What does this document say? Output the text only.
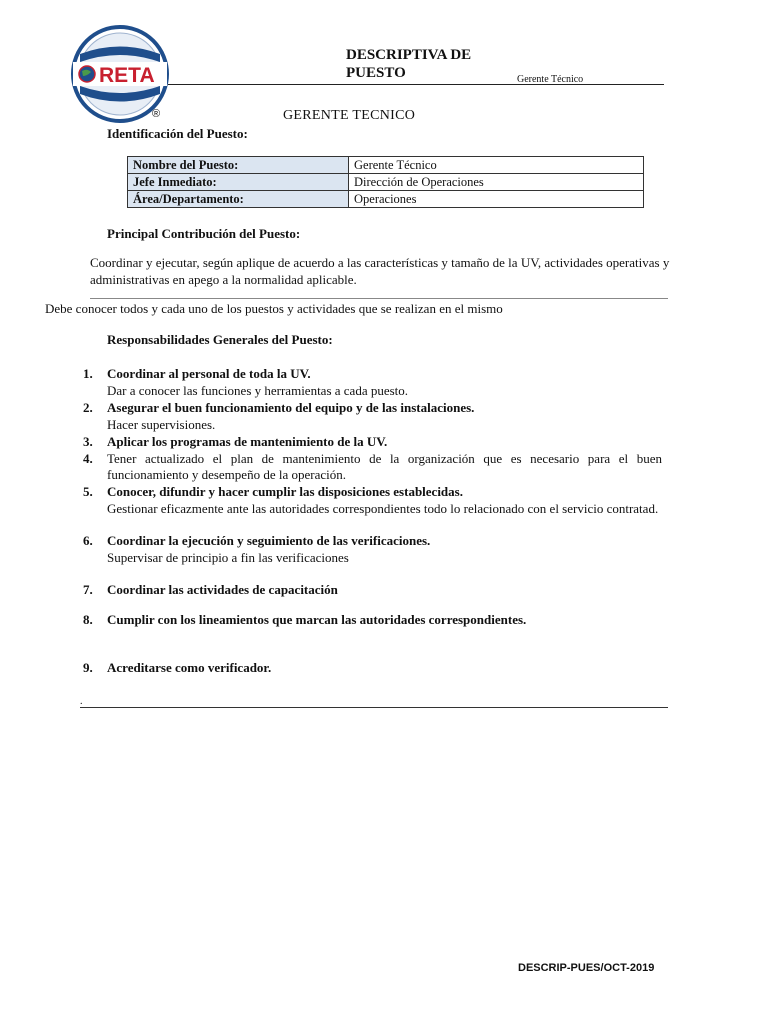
RETA
®
DESCRIPTIVA DE PUESTO	Gerente Técnico
GERENTE TECNICO
Identificación del Puesto:
Nombre del Puesto:	Gerente Técnico
Jefe Inmediato:	Dirección de Operaciones
Área/Departamento:	Operaciones
Principal Contribución del Puesto:
Coordinar y ejecutar, según aplique de acuerdo a las características y tamaño de la UV, actividades operativas y administrativas en apego a la normalidad aplicable.
Debe conocer todos y cada uno de los puestos y actividades que se realizan en el mismo
Responsabilidades Generales del Puesto:
1. Coordinar al personal de toda la UV.
Dar a conocer las funciones y herramientas a cada puesto.
2. Asegurar el buen funcionamiento del equipo y de las instalaciones.
Hacer supervisiones.
3. Aplicar los programas de mantenimiento de la UV.
4. Tener actualizado el plan de mantenimiento de la organización que es necesario para el buen funcionamiento y desempeño de la operación.
5. Conocer, difundir y hacer cumplir las disposiciones establecidas.
Gestionar eficazmente ante las autoridades correspondientes todo lo relacionado con el servicio contratad.
6. Coordinar la ejecución y seguimiento de las verificaciones.
Supervisar de principio a fin las verificaciones
7. Coordinar las actividades de capacitación
8. Cumplir con los lineamientos que marcan las autoridades correspondientes.
9. Acreditarse como verificador.
.
DESCRIP-PUES/OCT-2019
